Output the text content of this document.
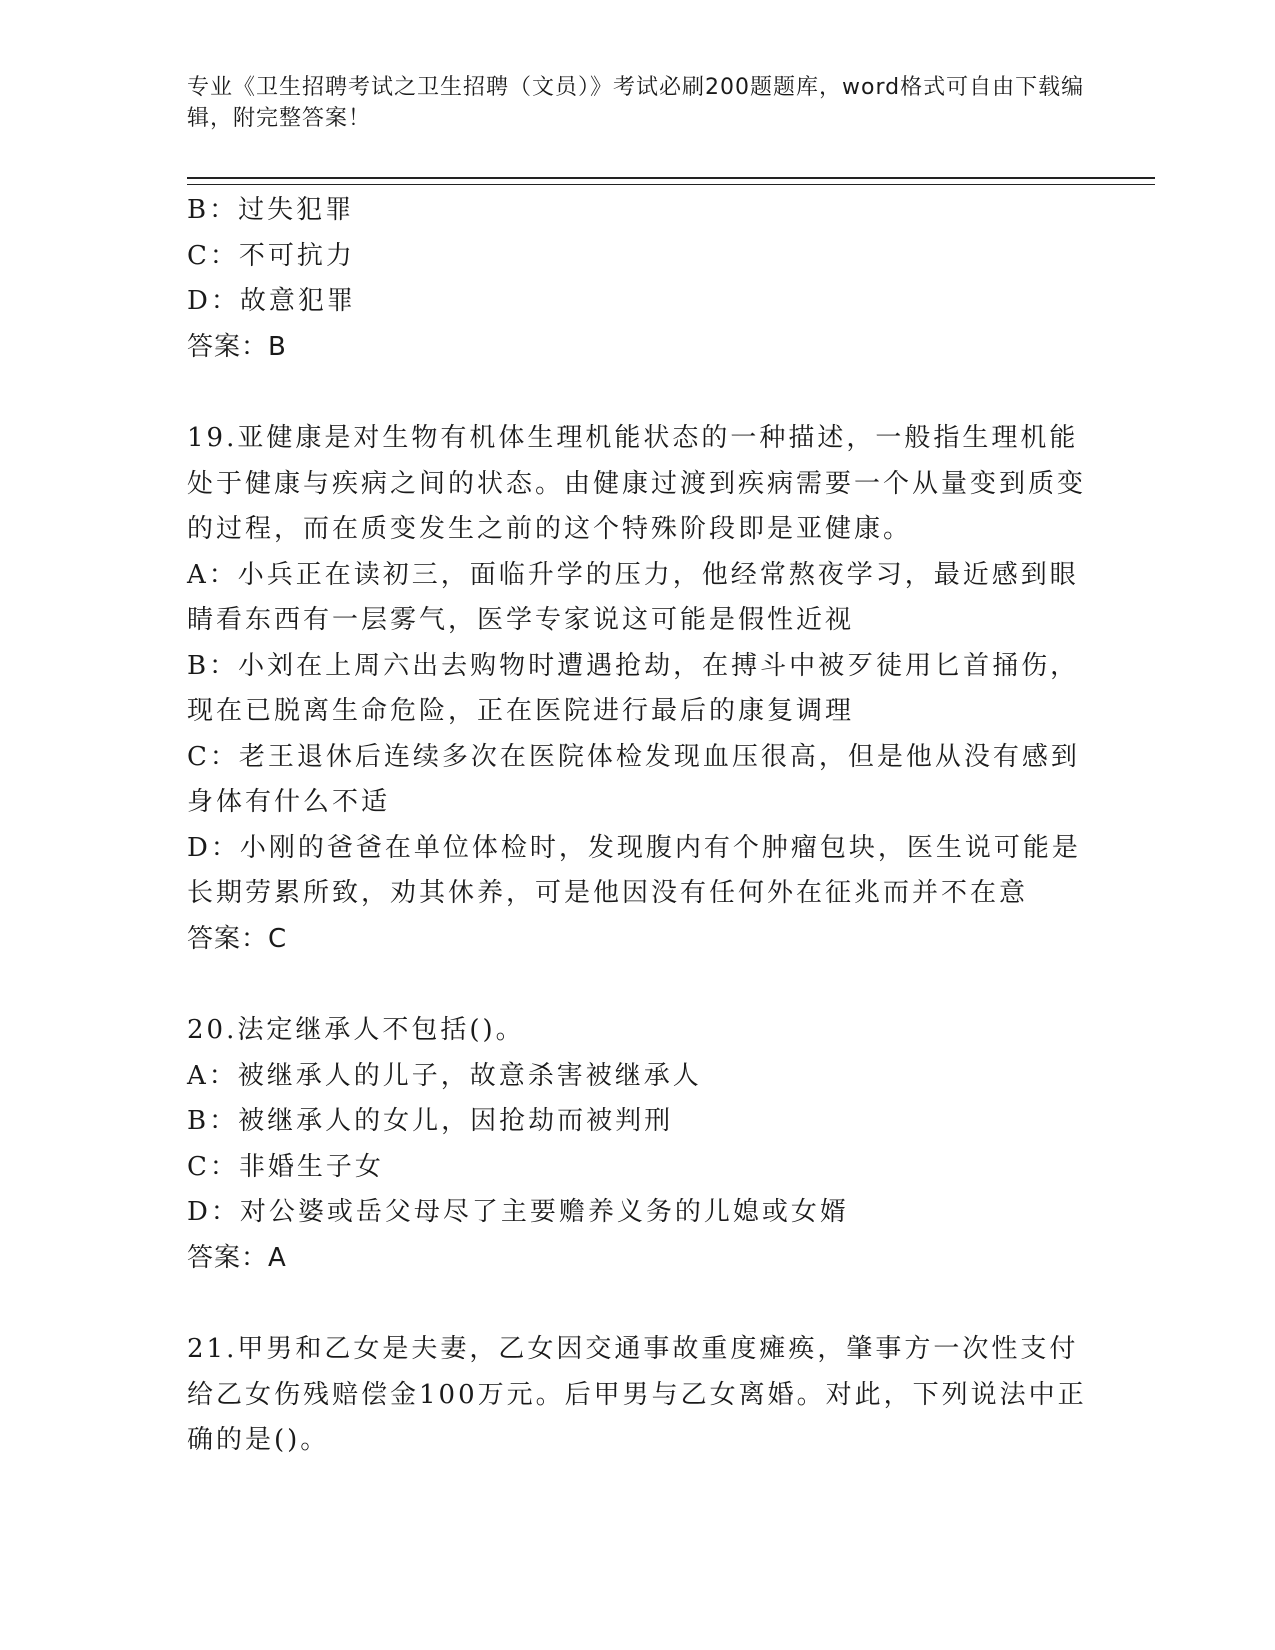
专业《卫生招聘考试之卫生招聘（文员）》考试必刷200题题库，word格式可自由下载编辑，附完整答案！

B：过失犯罪

C：不可抗力

D：故意犯罪

答案：B

19.亚健康是对生物有机体生理机能状态的一种描述，一般指生理机能处于健康与疾病之间的状态。由健康过渡到疾病需要一个从量变到质变的过程，而在质变发生之前的这个特殊阶段即是亚健康。

A：小兵正在读初三，面临升学的压力，他经常熬夜学习，最近感到眼睛看东西有一层雾气，医学专家说这可能是假性近视

B：小刘在上周六出去购物时遭遇抢劫，在搏斗中被歹徒用匕首捅伤，现在已脱离生命危险，正在医院进行最后的康复调理

C：老王退休后连续多次在医院体检发现血压很高，但是他从没有感到身体有什么不适

D：小刚的爸爸在单位体检时，发现腹内有个肿瘤包块，医生说可能是长期劳累所致，劝其休养，可是他因没有任何外在征兆而并不在意

答案：C

20.法定继承人不包括()。

A：被继承人的儿子，故意杀害被继承人

B：被继承人的女儿，因抢劫而被判刑

C：非婚生子女

D：对公婆或岳父母尽了主要赡养义务的儿媳或女婿

答案：A

21.甲男和乙女是夫妻，乙女因交通事故重度瘫痪，肇事方一次性支付给乙女伤残赔偿金100万元。后甲男与乙女离婚。对此，下列说法中正确的是()。
